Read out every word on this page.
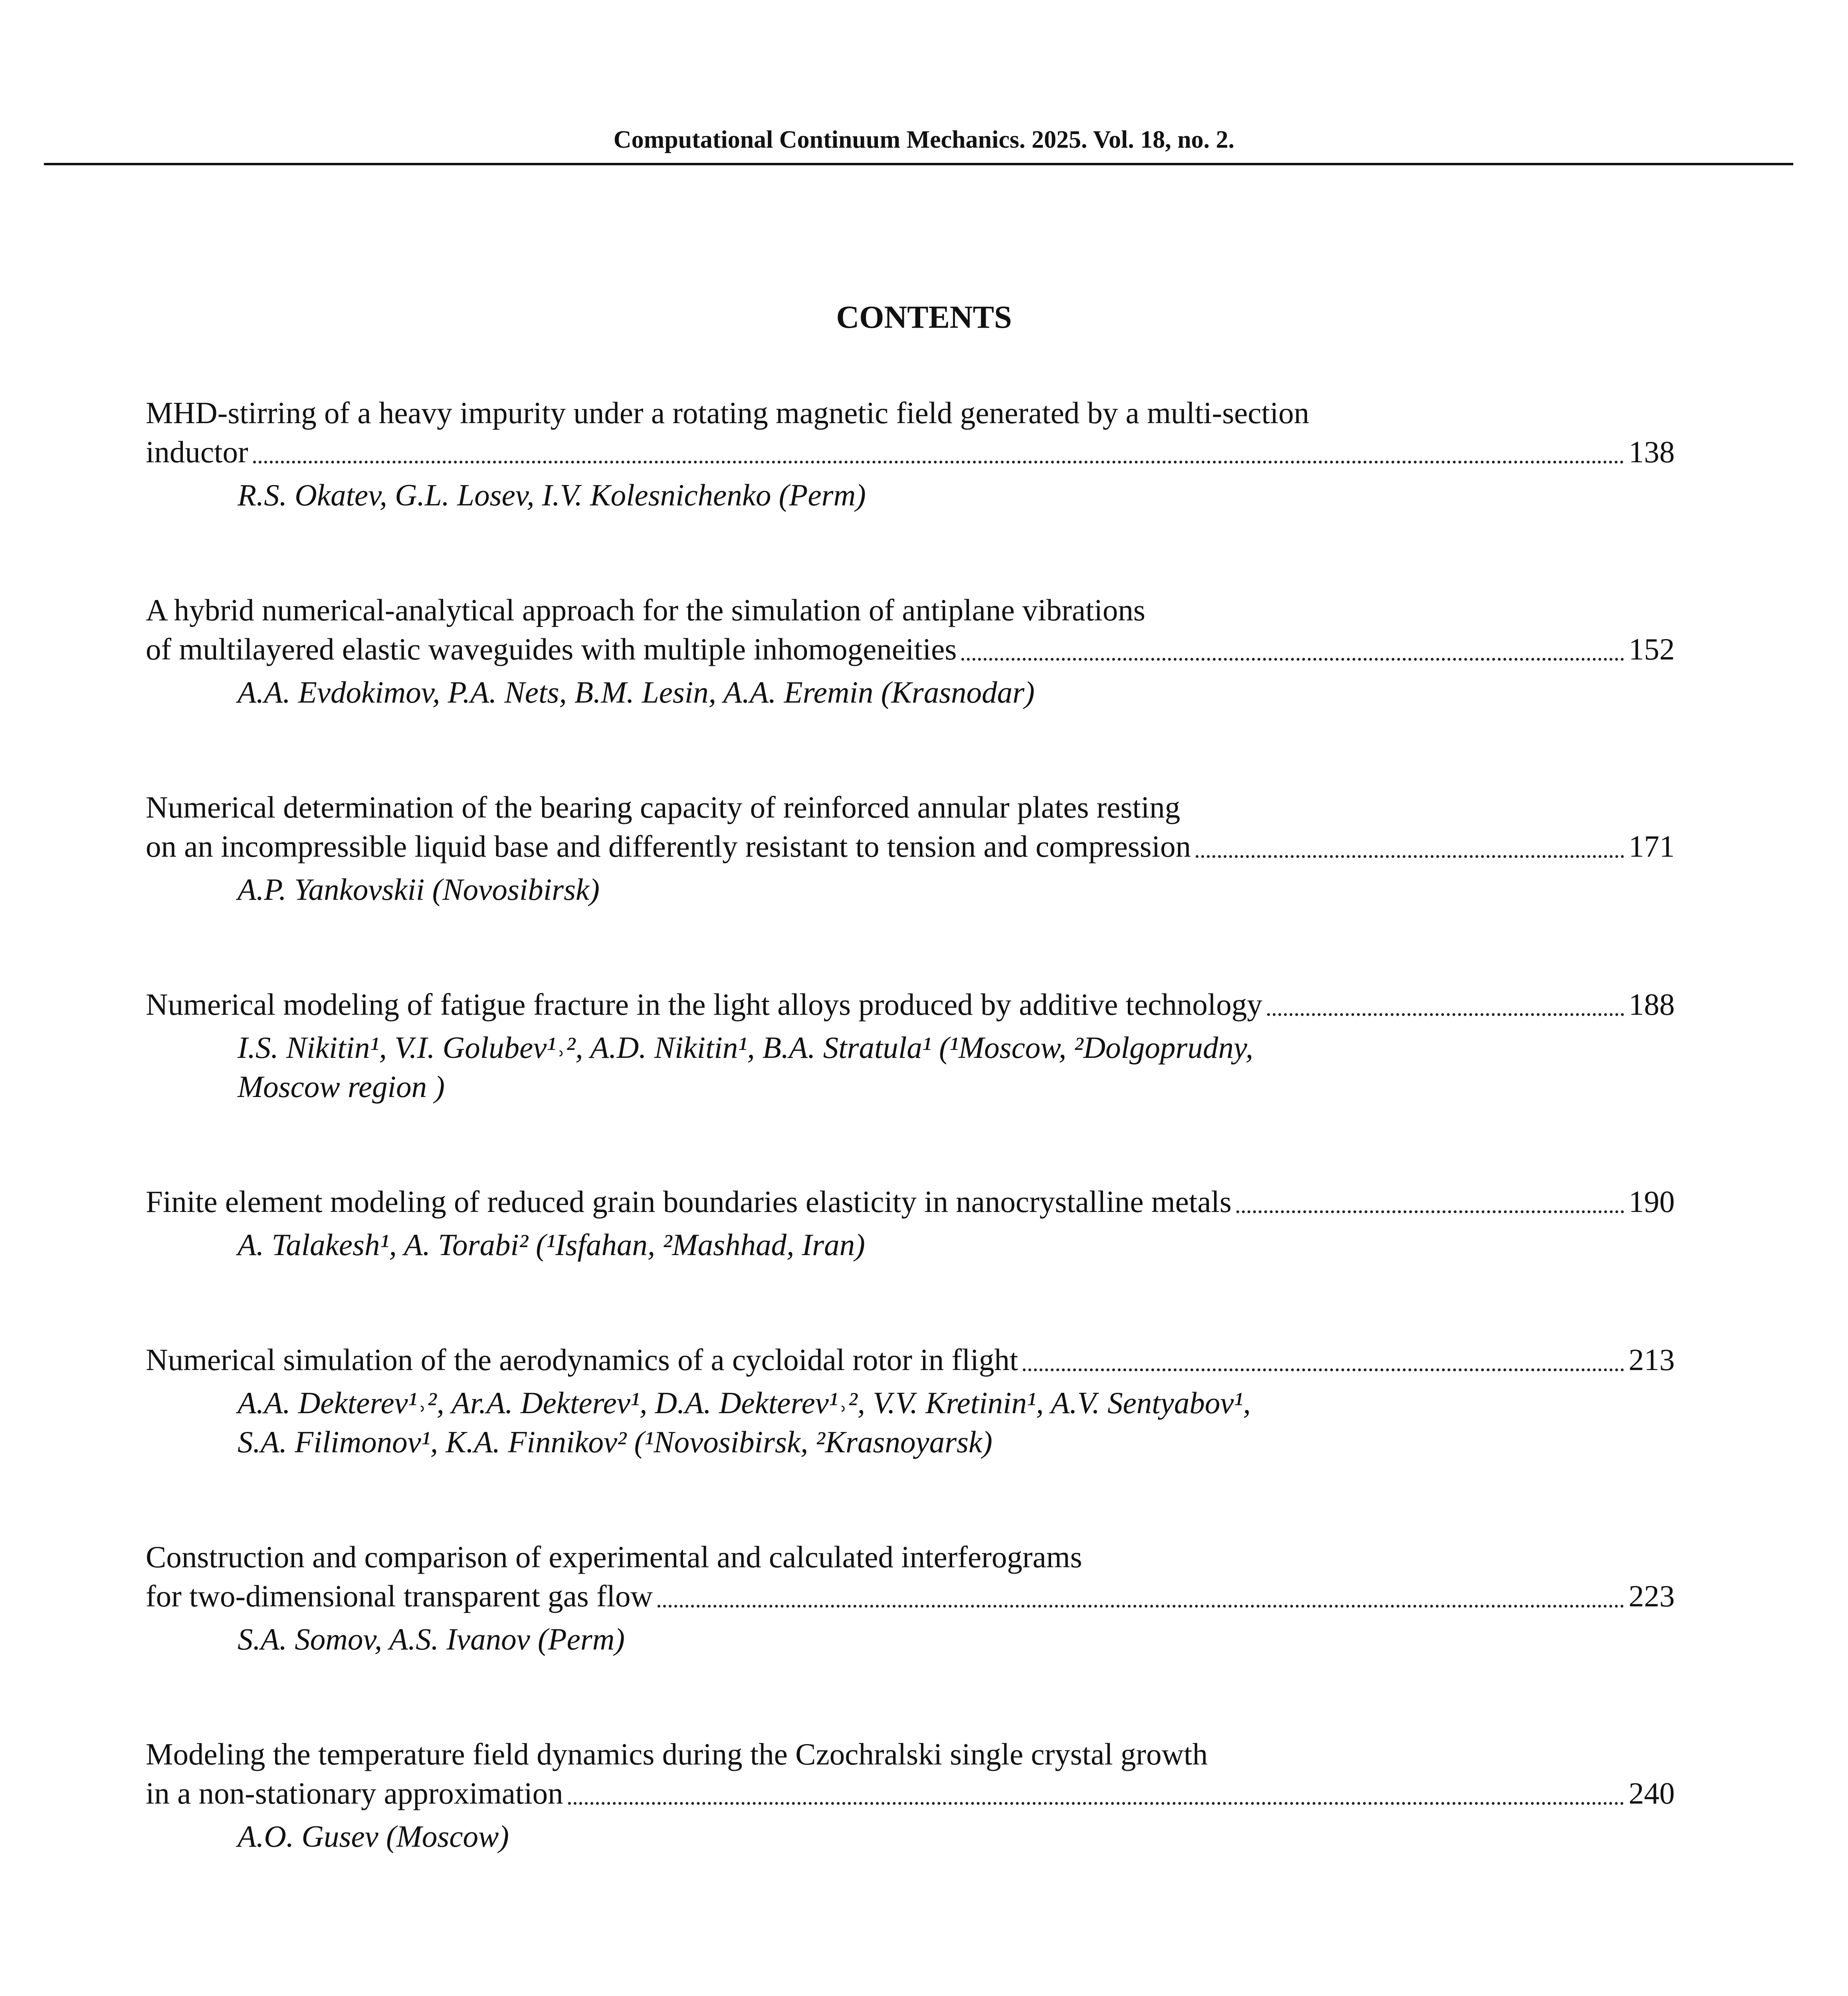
Computational Continuum Mechanics. 2025. Vol. 18, no. 2.
CONTENTS
MHD-stirring of a heavy impurity under a rotating magnetic field generated by a multi-section
inductor	138
R.S. Okatev, G.L. Losev, I.V. Kolesnichenko (Perm)
A hybrid numerical-analytical approach for the simulation of antiplane vibrations
of multilayered elastic waveguides with multiple inhomogeneities	152
A.A. Evdokimov, P.A. Nets, B.M. Lesin, A.A. Eremin (Krasnodar)
Numerical determination of the bearing capacity of reinforced annular plates resting
on an incompressible liquid base and differently resistant to tension and compression	171
A.P. Yankovskii (Novosibirsk)
Numerical modeling of fatigue fracture in the light alloys produced by additive technology	188
I.S. Nikitin¹, V.I. Golubev¹˒², A.D. Nikitin¹, B.A. Stratula¹ (¹Moscow, ²Dolgoprudny,
Moscow region )
Finite element modeling of reduced grain boundaries elasticity in nanocrystalline metals	190
A. Talakesh¹, A. Torabi² (¹Isfahan, ²Mashhad, Iran)
Numerical simulation of the aerodynamics of a cycloidal rotor in flight	213
A.A. Dekterev¹˒², Ar.A. Dekterev¹, D.A. Dekterev¹˒², V.V. Kretinin¹, A.V. Sentyabov¹,
S.A. Filimonov¹, K.A. Finnikov² (¹Novosibirsk, ²Krasnoyarsk)
Construction and comparison of experimental and calculated interferograms
for two-dimensional transparent gas flow	223
S.A. Somov, A.S. Ivanov (Perm)
Modeling the temperature field dynamics during the Czochralski single crystal growth
in a non-stationary approximation	240
A.O. Gusev (Moscow)
